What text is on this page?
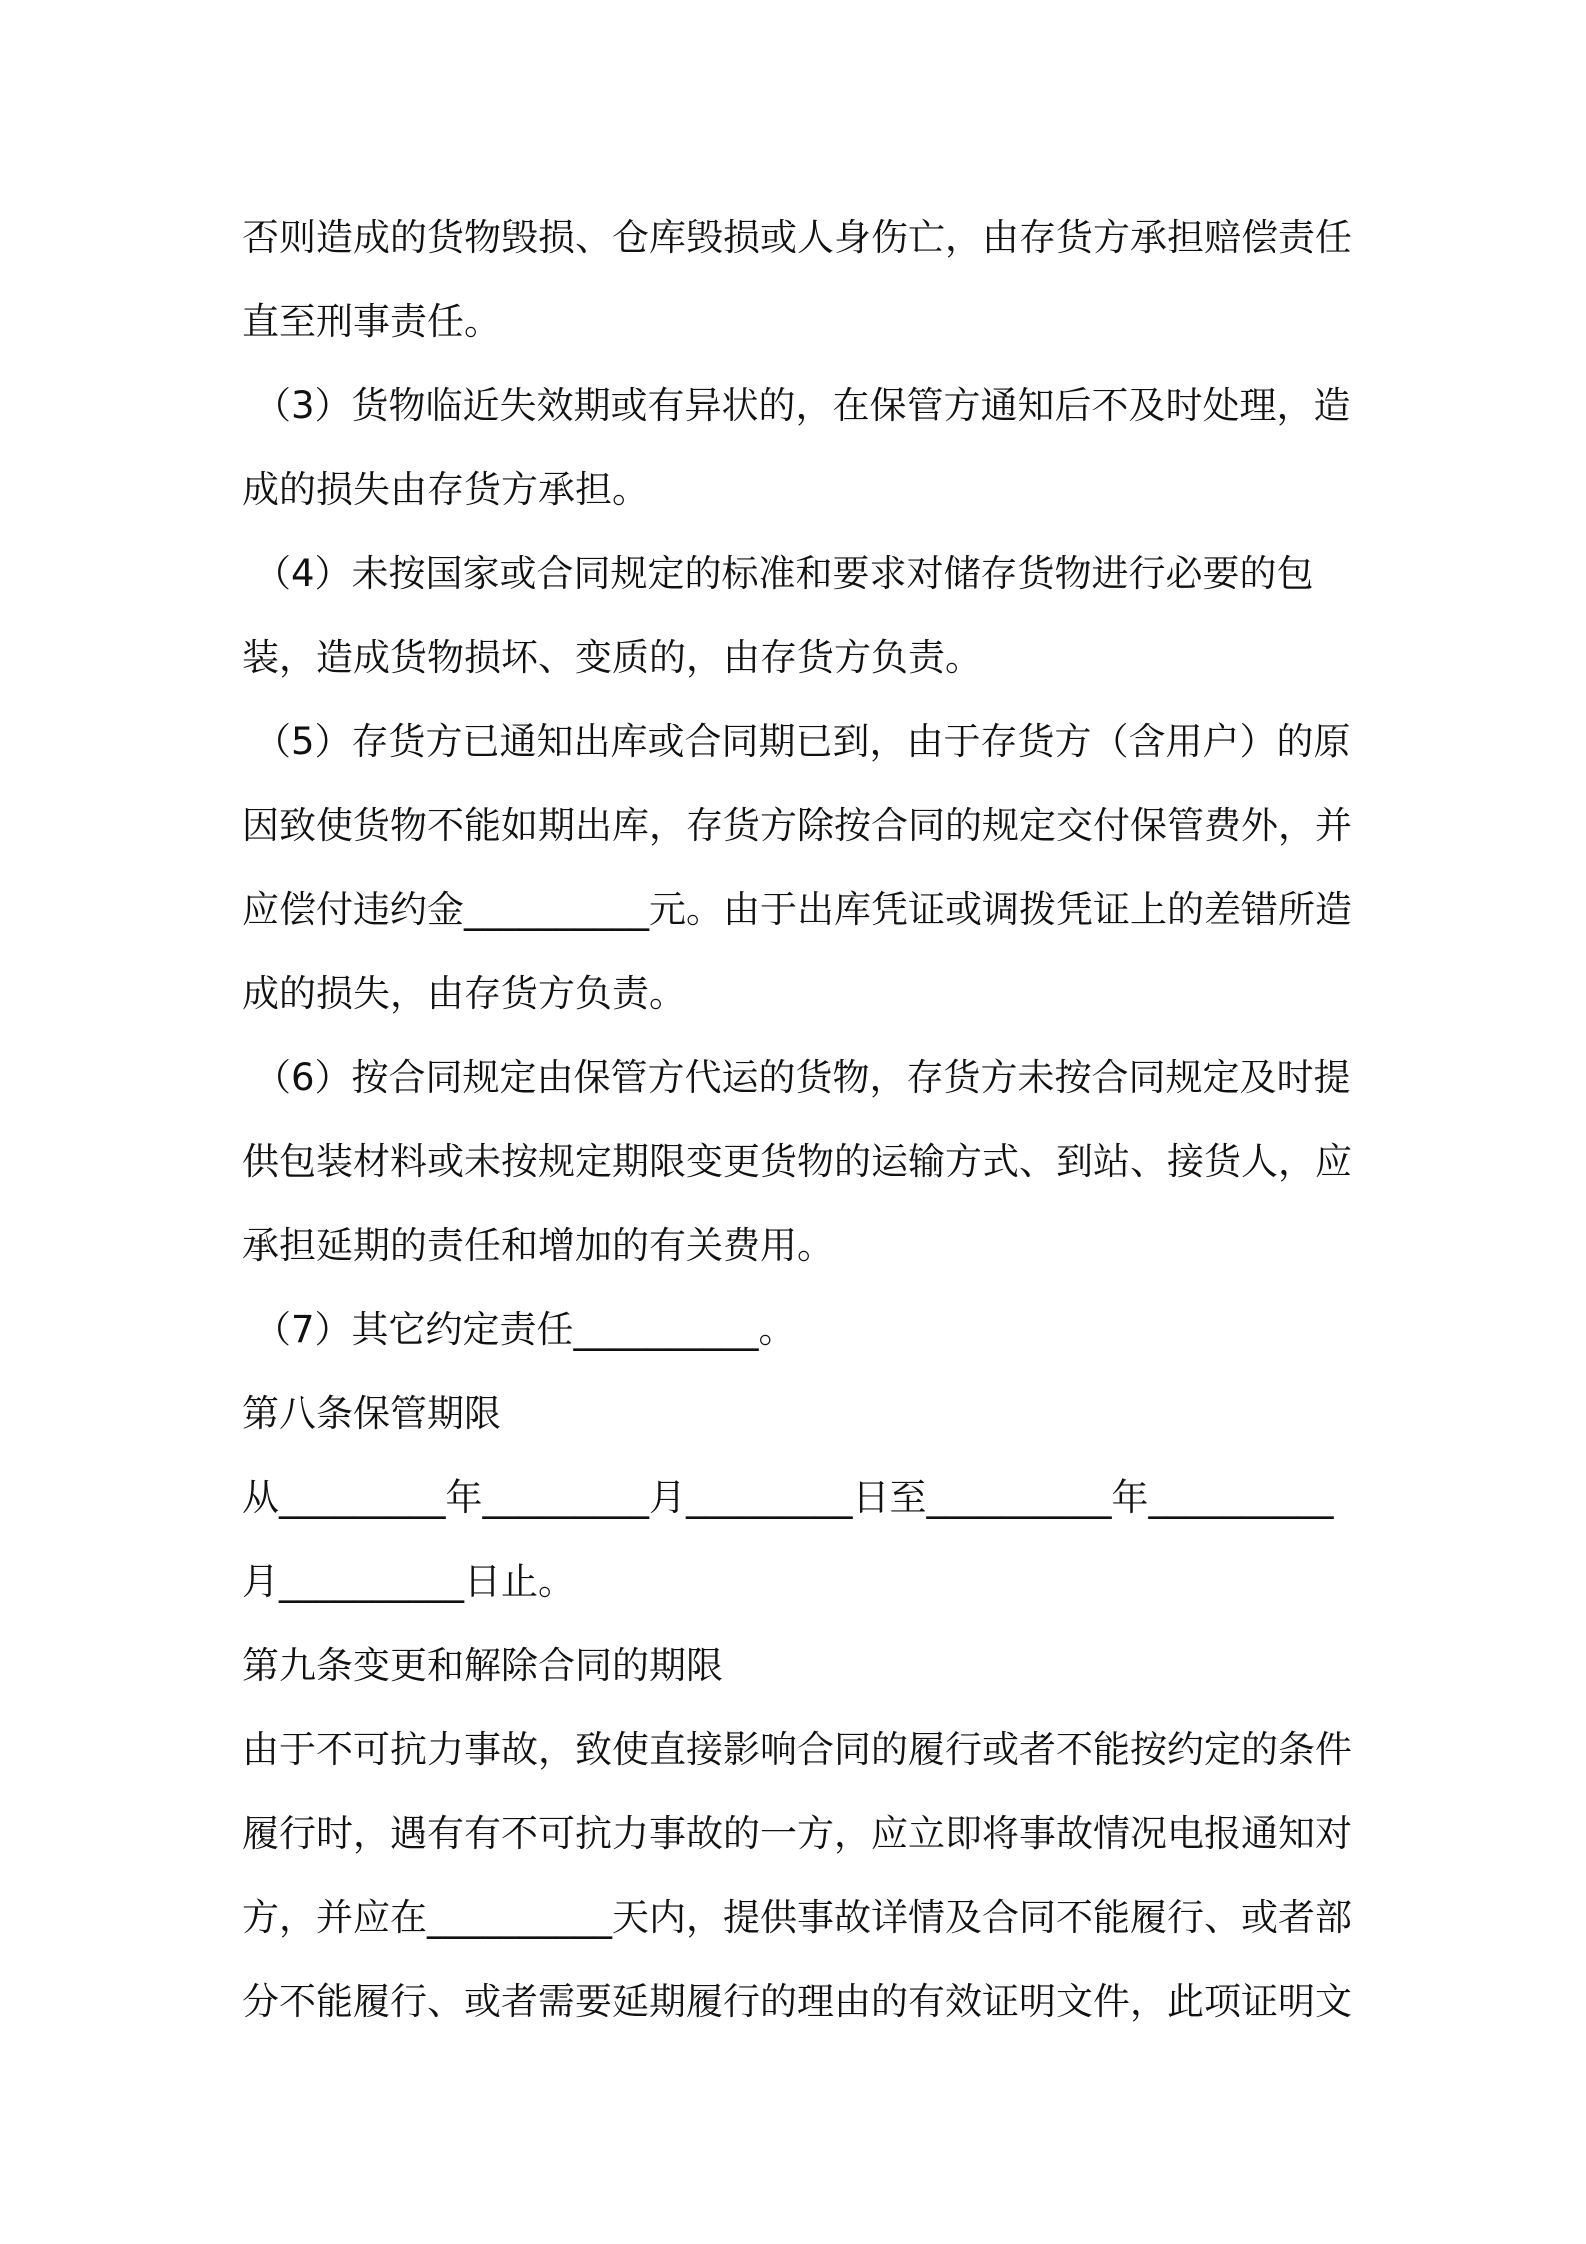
否则造成的货物毁损、仓库毁损或人身伤亡，由存货方承担赔偿责任直至刑事责任。

（3）货物临近失效期或有异状的，在保管方通知后不及时处理，造成的损失由存货方承担。

（4）未按国家或合同规定的标准和要求对储存货物进行必要的包装，造成货物损坏、变质的，由存货方负责。

（5）存货方已通知出库或合同期已到，由于存货方（含用户）的原因致使货物不能如期出库，存货方除按合同的规定交付保管费外，并应偿付违约金__________元。由于出库凭证或调拨凭证上的差错所造成的损失，由存货方负责。

（6）按合同规定由保管方代运的货物，存货方未按合同规定及时提供包装材料或未按规定期限变更货物的运输方式、到站、接货人，应承担延期的责任和增加的有关费用。

（7）其它约定责任__________。

第八条保管期限

从_________年_________月_________日至__________年__________月__________日止。

第九条变更和解除合同的期限

由于不可抗力事故，致使直接影响合同的履行或者不能按约定的条件履行时，遇有有不可抗力事故的一方，应立即将事故情况电报通知对方，并应在__________天内，提供事故详情及合同不能履行、或者部分不能履行、或者需要延期履行的理由的有效证明文件，此项证明文
